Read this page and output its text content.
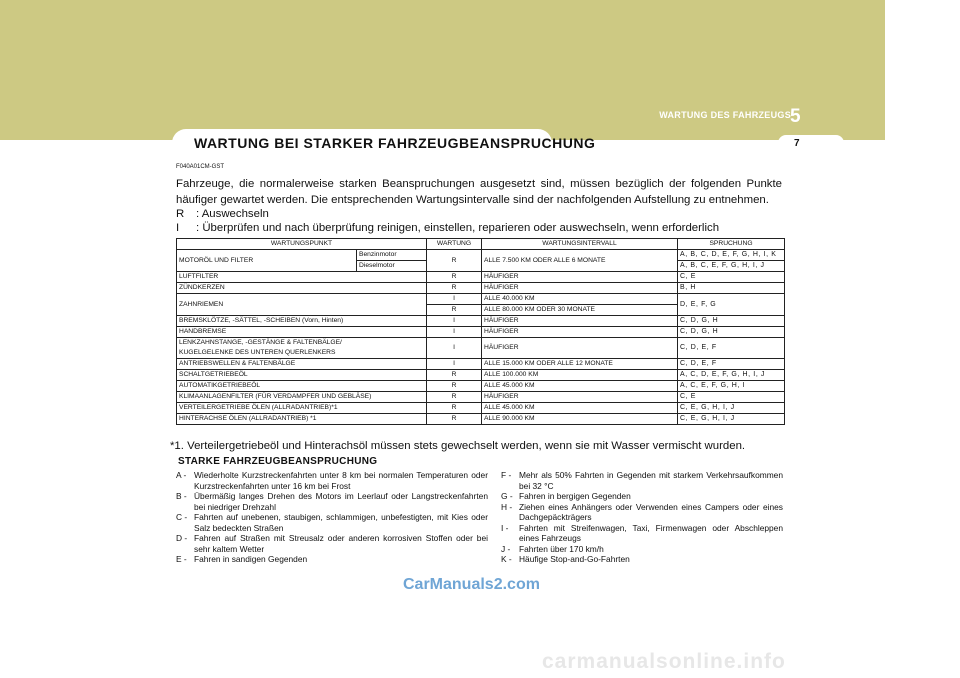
WARTUNG DES FAHRZEUGS 5
7
WARTUNG BEI STARKER FAHRZEUGBEANSPRUCHUNG
F040A01CM-GST
Fahrzeuge, die normalerweise starken Beanspruchungen ausgesetzt sind, müssen bezüglich der folgenden Punkte häufiger gewartet werden. Die entsprechenden Wartungsintervalle sind der nachfolgenden Aufstellung zu entnehmen.
R : Auswechseln
I : Überprüfen und nach überprüfung reinigen, einstellen, reparieren oder auswechseln, wenn erforderlich
WARTUNGSPUNKT		WARTUNG	WARTUNGSINTERVALL	SPRUCHUNG
MOTORÖL UND FILTER	Benzinmotor	R	ALLE 7.500 KM ODER ALLE 6 MONATE	A, B, C, D, E, F, G, H, I, K
	Dieselmotor			A, B, C, E, F, G, H, I, J
LUFTFILTER		R	HÄUFIGER	C, E
ZÜNDKERZEN		R	HÄUFIGER	B, H
ZAHNRIEMEN		I	ALLE 40.000 KM	D, E, F, G
		R	ALLE 80.000 KM ODER 30 MONATE	
BREMSKLÖTZE, -SÄTTEL, -SCHEIBEN (Vorn, Hinten)		I	HÄUFIGER	C, D, G, H
HANDBREMSE		I	HÄUFIGER	C, D, G, H

LENKZAHNSTANGE, -GESTÄNGE & FALTENBÄLGE/
KUGELGELENKE DES UNTEREN QUERLENKERS		I	HÄUFIGER	C, D, E, F
ANTRIEBSWELLEN & FALTENBÄLGE		I	ALLE 15.000 KM ODER ALLE 12 MONATE	C, D, E, F
SCHALTGETRIEBEÖL		R	ALLE 100.000 KM	A, C, D, E, F, G, H, I, J
AUTOMATIKGETRIEBEÖL		R	ALLE 45.000 KM	A, C, E, F, G, H, I
KLIMAANLAGENFILTER (FÜR VERDAMPFER UND GEBLÄSE)		R	HÄUFIGER	C, E
VERTEILERGETRIEBE ÖLEN (ALLRADANTRIEB)*1		R	ALLE 45.000 KM	C, E, G, H, I, J
HINTERACHSE ÖLEN (ALLRADANTRIEB) *1		R	ALLE 90.000 KM	C, E, G, H, I, J
*1. Verteilergetriebeöl und Hinterachsöl müssen stets gewechselt werden, wenn sie mit Wasser vermischt wurden.
STARKE FAHRZEUGBEANSPRUCHUNG
A - Wiederholte Kurzstreckenfahrten unter 8 km bei normalen Temperaturen oder Kurzstreckenfahrten unter 16 km bei Frost
B - Übermäßig langes Drehen des Motors im Leerlauf oder Langstreckenfahrten bei niedriger Drehzahl
C - Fahrten auf unebenen, staubigen, schlammigen, unbefestigten, mit Kies oder Salz bedeckten Straßen
D - Fahren auf Straßen mit Streusalz oder anderen korrosiven Stoffen oder bei sehr kaltem Wetter
E - Fahren in sandigen Gegenden
F - Mehr als 50% Fahrten in Gegenden mit starkem Verkehrsaufkommen bei 32 °C
G - Fahren in bergigen Gegenden
H - Ziehen eines Anhängers oder Verwenden eines Campers oder eines Dachgepäckträgers
I -	Fahrten mit Streifenwagen, Taxi, Firmenwagen oder Abschleppen eines Fahrzeugs
J -	Fahrten über 170 km/h
K - Häufige Stop-and-Go-Fahrten
CarManuals2.com
carmanualsonline.info
